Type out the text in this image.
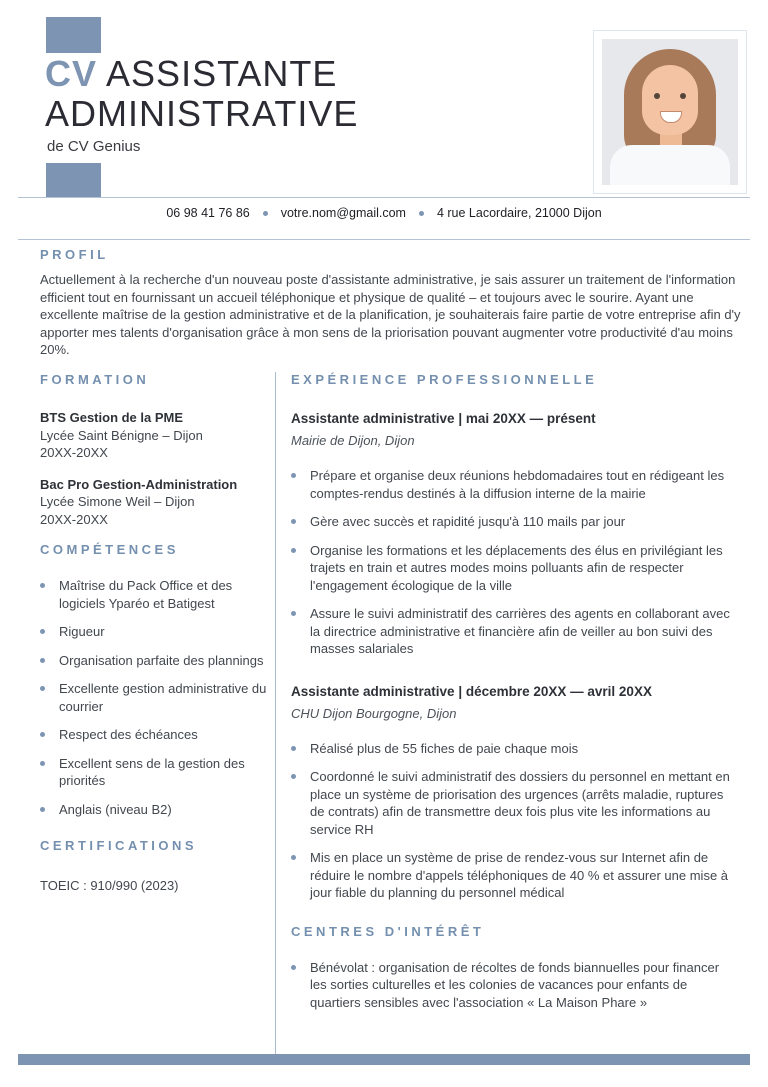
CV ASSISTANTE
ADMINISTRATIVE
de CV Genius
06 98 41 76 86 votre.nom@gmail.com 4 rue Lacordaire, 21000 Dijon
PROFIL

Actuellement à la recherche d'un nouveau poste d'assistante administrative, je sais assurer un traitement de l'information efficient tout en fournissant un accueil téléphonique et physique de qualité – et toujours avec le sourire. Ayant une excellente maîtrise de la gestion administrative et de la planification, je souhaiterais faire partie de votre entreprise afin d'y apporter mes talents d'organisation grâce à mon sens de la priorisation pouvant augmenter votre productivité d'au moins 20%.

FORMATION
BTS Gestion de la PME
Lycée Saint Bénigne – Dijon
20XX-20XX
Bac Pro Gestion-Administration
Lycée Simone Weil – Dijon
20XX-20XX
COMPÉTENCES
Maîtrise du Pack Office et des logiciels Yparéo et Batigest
Rigueur
Organisation parfaite des plannings
Excellente gestion administrative du courrier
Respect des échéances
Excellent sens de la gestion des priorités
Anglais (niveau B2)
CERTIFICATIONS
TOEIC : 910/990 (2023)
EXPÉRIENCE PROFESSIONNELLE
Assistante administrative | mai 20XX — présent
Mairie de Dijon, Dijon
Prépare et organise deux réunions hebdomadaires tout en rédigeant les comptes-rendus destinés à la diffusion interne de la mairie
Gère avec succès et rapidité jusqu'à 110 mails par jour
Organise les formations et les déplacements des élus en privilégiant les trajets en train et autres modes moins polluants afin de respecter l'engagement écologique de la ville
Assure le suivi administratif des carrières des agents en collaborant avec la directrice administrative et financière afin de veiller au bon suivi des masses salariales
Assistante administrative | décembre 20XX — avril 20XX
CHU Dijon Bourgogne, Dijon
Réalisé plus de 55 fiches de paie chaque mois
Coordonné le suivi administratif des dossiers du personnel en mettant en place un système de priorisation des urgences (arrêts maladie, ruptures de contrats) afin de transmettre deux fois plus vite les informations au service RH
Mis en place un système de prise de rendez-vous sur Internet afin de réduire le nombre d'appels téléphoniques de 40 % et assurer une mise à jour fiable du planning du personnel médical
CENTRES D'INTÉRÊT
Bénévolat : organisation de récoltes de fonds biannuelles pour financer les sorties culturelles et les colonies de vacances pour enfants de quartiers sensibles avec l'association « La Maison Phare »
